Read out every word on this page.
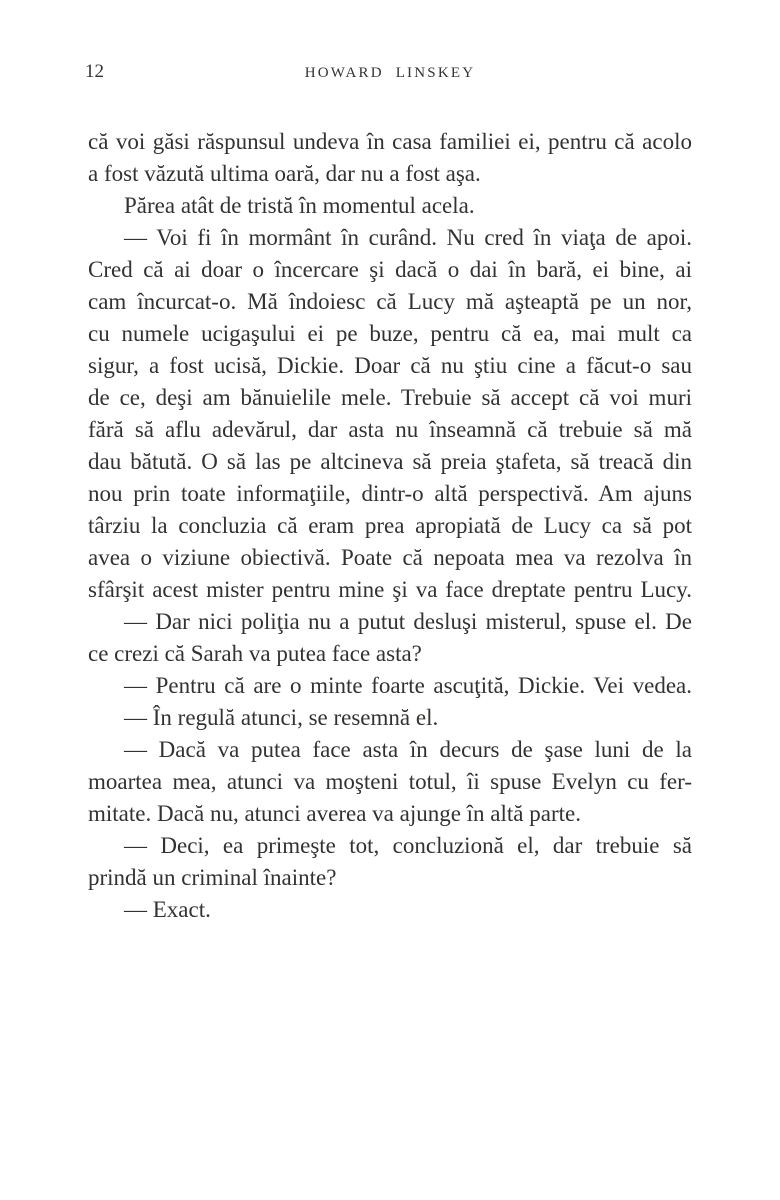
12	HOWARD LINSKEY
că voi găsi răspunsul undeva în casa familiei ei, pentru că acolo
a fost văzută ultima oară, dar nu a fost aşa.
Părea atât de tristă în momentul acela.
— Voi fi în mormânt în curând. Nu cred în viaţa de apoi.
Cred că ai doar o încercare şi dacă o dai în bară, ei bine, ai
cam încurcat-o. Mă îndoiesc că Lucy mă aşteaptă pe un nor,
cu numele ucigaşului ei pe buze, pentru că ea, mai mult ca
sigur, a fost ucisă, Dickie. Doar că nu ştiu cine a făcut-o sau
de ce, deşi am bănuielile mele. Trebuie să accept că voi muri
fără să aflu adevărul, dar asta nu înseamnă că trebuie să mă
dau bătută. O să las pe altcineva să preia ştafeta, să treacă din
nou prin toate informaţiile, dintr-o altă perspectivă. Am ajuns
târziu la concluzia că eram prea apropiată de Lucy ca să pot
avea o viziune obiectivă. Poate că nepoata mea va rezolva în
sfârşit acest mister pentru mine şi va face dreptate pentru Lucy.
— Dar nici poliţia nu a putut desluşi misterul, spuse el. De
ce crezi că Sarah va putea face asta?
— Pentru că are o minte foarte ascuţită, Dickie. Vei vedea.
— În regulă atunci, se resemnă el.
— Dacă va putea face asta în decurs de şase luni de la
moartea mea, atunci va moşteni totul, îi spuse Evelyn cu fer-
mitate. Dacă nu, atunci averea va ajunge în altă parte.
— Deci, ea primeşte tot, concluzionă el, dar trebuie să
prindă un criminal înainte?
— Exact.
